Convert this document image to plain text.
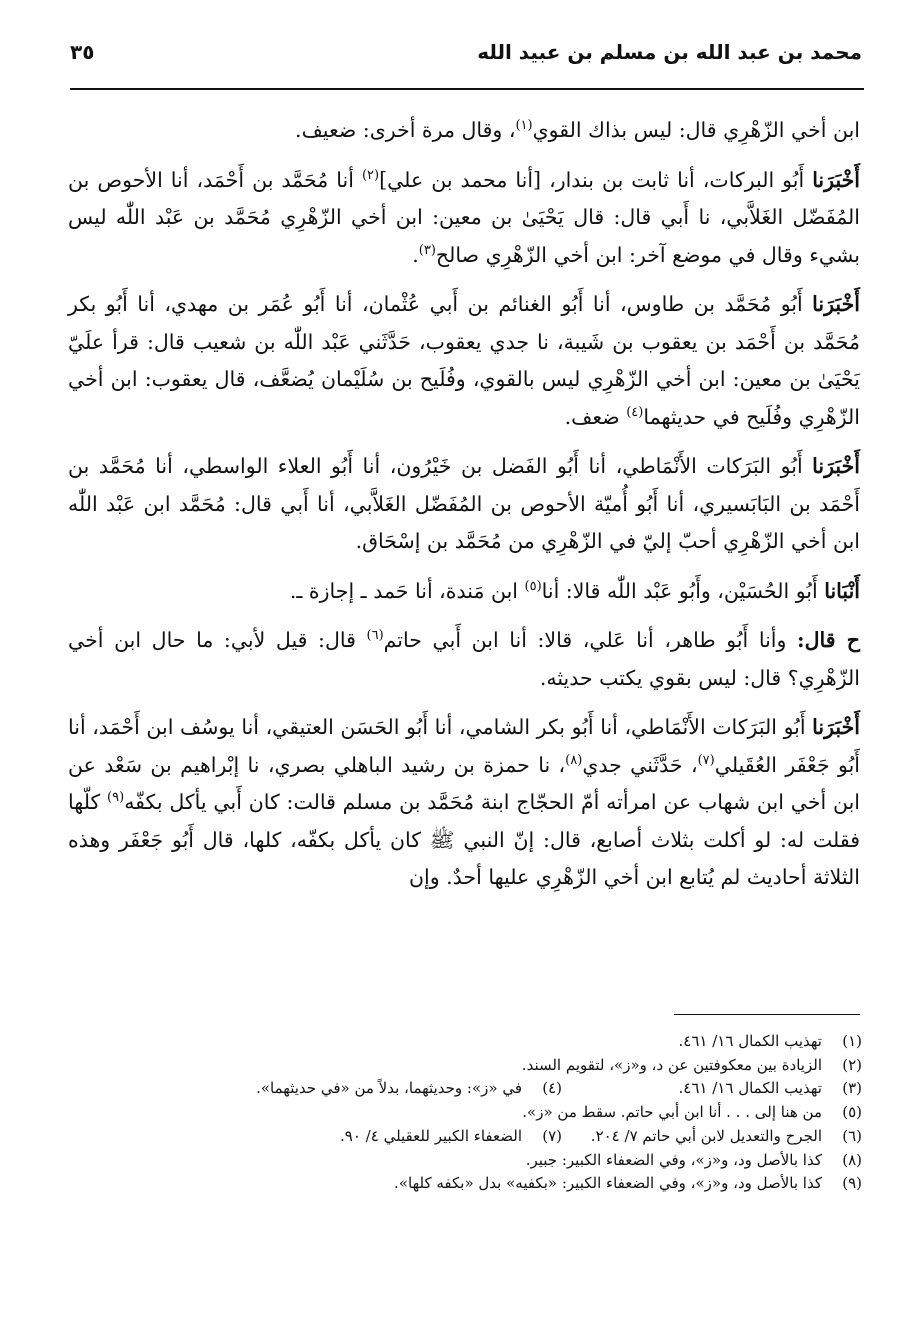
محمد بن عبد الله بن مسلم بن عبيد الله
٣٥

ابن أخي الزّهْرِي قال: ليس بذاك القوي$^{(١)}$، وقال مرة أخرى: ضعيف.

أَخْبَرَنا أَبُو البركات، أنا ثابت بن بندار، [أنا محمد بن علي]$^{(٢)}$ أنا مُحَمَّد بن أَحْمَد، أنا الأحوص بن المُفَضّل الغَلاَّبي، نا أَبي قال: قال يَحْيَىٰ بن معين: ابن أخي الزّهْرِي مُحَمَّد بن عَبْد اللّٰه ليس بشيء وقال في موضع آخر: ابن أخي الزّهْرِي صالح$^{(٣)}$.

أَخْبَرَنا أَبُو مُحَمَّد بن طاوس، أنا أَبُو الغنائم بن أَبي عُثْمان، أنا أَبُو عُمَر بن مهدي، أنا أَبُو بكر مُحَمَّد بن أَحْمَد بن يعقوب بن شَيبة، نا جدي يعقوب، حَدَّثَني عَبْد اللّٰه بن شعيب قال: قرأ علَيّ يَحْيَىٰ بن معين: ابن أخي الزّهْرِي ليس بالقوي، وفُلَيح بن سُلَيْمان يُضعَّف، قال يعقوب: ابن أخي الزّهْرِي وفُلَيح في حديثهما$^{(٤)}$ ضعف.

أَخْبَرَنا أَبُو البَرَكات الأَنْمَاطي، أنا أَبُو الفَضل بن خَيْرُون، أنا أَبُو العلاء الواسطي، أنا مُحَمَّد بن أَحْمَد بن البَابَسيري، أنا أَبُو أُميّة الأحوص بن المُفَضّل الغَلاَّبي، أنا أَبي قال: مُحَمَّد ابن عَبْد اللّٰه ابن أخي الزّهْرِي أحبّ إليّ في الزّهْرِي من مُحَمَّد بن إسْحَاق.

أَنْبَانا أَبُو الحُسَيْن، وأَبُو عَبْد اللّٰه قالا: أنا$^{(٥)}$ ابن مَندة، أنا حَمد ـ إجازة ـ.

ح قال: وأنا أَبُو طاهر، أنا عَلي، قالا: أنا ابن أَبي حاتم$^{(٦)}$ قال: قيل لأبي: ما حال ابن أخي الزّهْرِي؟ قال: ليس بقوي يكتب حديثه.

أَخْبَرَنا أَبُو البَرَكات الأَنْمَاطي، أنا أَبُو بكر الشامي، أنا أَبُو الحَسَن العتيقي، أنا يوسُف ابن أَحْمَد، أنا أَبُو جَعْفَر العُقَيلي$^{(٧)}$، حَدَّثَني جدي$^{(٨)}$، نا حمزة بن رشيد الباهلي بصري، نا إبْراهيم بن سَعْد عن ابن أخي ابن شهاب عن امرأته أمّ الحجّاج ابنة مُحَمَّد بن مسلم قالت: كان أَبي يأكل بكفّه$^{(٩)}$ كلّها فقلت له: لو أكلت بثلاث أصابع، قال: إنّ النبي ﷺ كان يأكل بكفّه، كلها، قال أَبُو جَعْفَر وهذه الثلاثة أحاديث لم يُتابع ابن أخي الزّهْرِي عليها أحدٌ. وإن

(١)
تهذيب الكمال ١٦/ ٤٦١.
(٢)
الزيادة بين معكوفتين عن د، و«ز»، لتقويم السند.
(٣)
تهذيب الكمال ١٦/ ٤٦١.
(٤)
في «ز»: وحديثهما، بدلاً من «في حديثهما».
(٥)
من هنا إلى . . . أنا ابن أبي حاتم. سقط من «ز».
(٦)
الجرح والتعديل لابن أبي حاتم ٧/ ٢٠٤.
(٧)
الضعفاء الكبير للعقيلي ٤/ ٩٠.
(٨)
كذا بالأصل ود، و«ز»، وفي الضعفاء الكبير: جبير.
(٩)
كذا بالأصل ود، و«ز»، وفي الضعفاء الكبير: «بكفيه» بدل «بكفه كلها».
